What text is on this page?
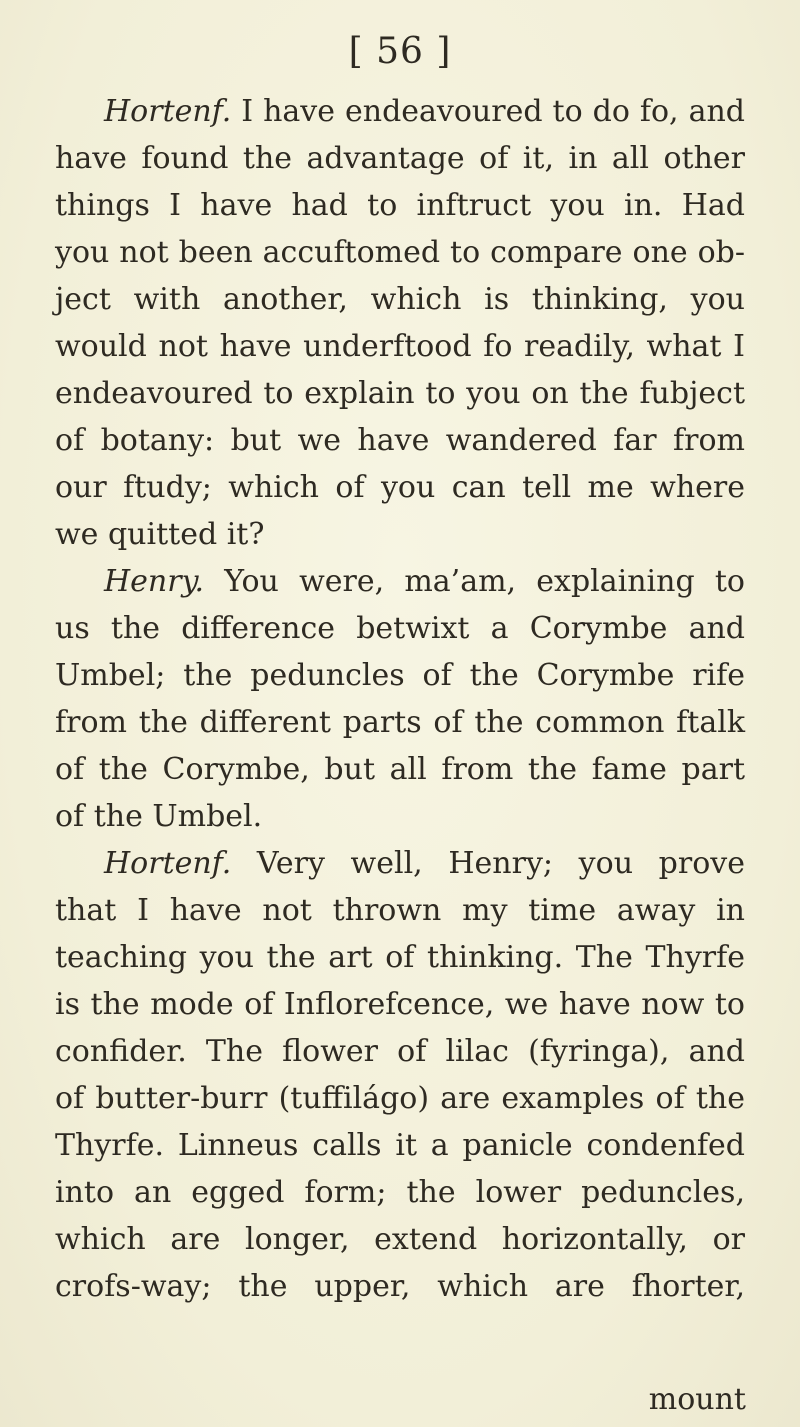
[ 56 ]
Hortenf. I have endeavoured to do fo, and
have found the advantage of it, in all other
things I have had to inftruct you in. Had
you not been accuftomed to compare one ob-
ject with another, which is thinking, you
would not have underftood fo readily, what I
endeavoured to explain to you on the fubject
of botany: but we have wandered far from
our ftudy; which of you can tell me where
we quitted it?
Henry. You were, ma’am, explaining to
us the difference betwixt a Corymbe and
Umbel; the peduncles of the Corymbe rife
from the different parts of the common ftalk
of the Corymbe, but all from the fame part
of the Umbel.
Hortenf. Very well, Henry; you prove
that I have not thrown my time away in
teaching you the art of thinking. The Thyrfe
is the mode of Inflorefcence, we have now to
confider. The flower of lilac (fyringa), and
of butter-burr (tuffilágo) are examples of the
Thyrfe. Linneus calls it a panicle condenfed
into an egged form; the lower peduncles,
which are longer, extend horizontally, or
crofs-way; the upper, which are fhorter,
mount
